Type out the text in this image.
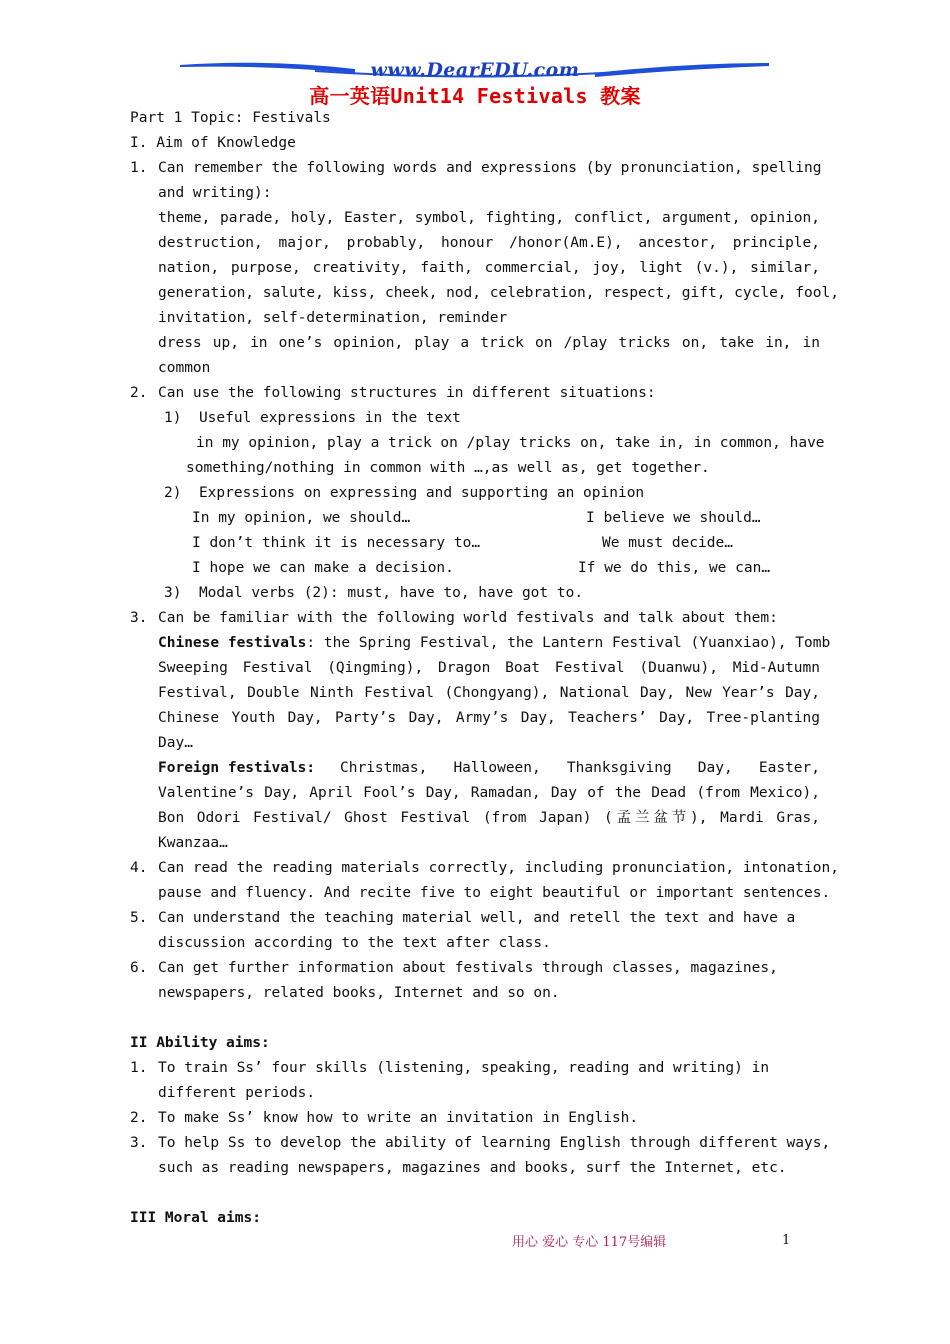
www.DearEDU.com
高一英语Unit14 Festivals 教案
Part 1 Topic: Festivals
I. Aim of Knowledge
1. Can remember the following words and expressions (by pronunciation, spelling
and writing):
theme, parade, holy, Easter, symbol, fighting, conflict, argument, opinion,
destruction, major, probably, honour /honor(Am.E), ancestor, principle,
nation, purpose, creativity, faith, commercial, joy, light (v.), similar,
generation, salute, kiss, cheek, nod, celebration, respect, gift, cycle, fool,
invitation, self-determination, reminder
dress up, in one’s opinion, play a trick on /play tricks on, take in, in
common
2. Can use the following structures in different situations:
1) Useful expressions in the text
in my opinion, play a trick on /play tricks on, take in, in common, have
something/nothing in common with …,as well as, get together.
2) Expressions on expressing and supporting an opinion
In my opinion, we should…	I believe we should…
I don’t think it is necessary to…	We must decide…
I hope we can make a decision.	If we do this, we can…
3) Modal verbs (2): must, have to, have got to.
3. Can be familiar with the following world festivals and talk about them:
Chinese festivals: the Spring Festival, the Lantern Festival (Yuanxiao), Tomb
Sweeping Festival (Qingming), Dragon Boat Festival (Duanwu), Mid-Autumn
Festival, Double Ninth Festival (Chongyang), National Day, New Year’s Day,
Chinese Youth Day, Party’s Day, Army’s Day, Teachers’ Day, Tree-planting
Day…
Foreign festivals: Christmas, Halloween, Thanksgiving Day, Easter,
Valentine’s Day, April Fool’s Day, Ramadan, Day of the Dead (from Mexico),
Bon Odori Festival/ Ghost Festival (from Japan) (孟兰盆节), Mardi Gras,
Kwanzaa…
4. Can read the reading materials correctly, including pronunciation, intonation,
pause and fluency. And recite five to eight beautiful or important sentences.
5. Can understand the teaching material well, and retell the text and have a
discussion according to the text after class.
6. Can get further information about festivals through classes, magazines,
newspapers, related books, Internet and so on.
II Ability aims:
1. To train Ss’ four skills (listening, speaking, reading and writing) in
different periods.
2. To make Ss’ know how to write an invitation in English.
3. To help Ss to develop the ability of learning English through different ways,
such as reading newspapers, magazines and books, surf the Internet, etc.
III Moral aims:
用心 爱心 专心 117号编辑	1
